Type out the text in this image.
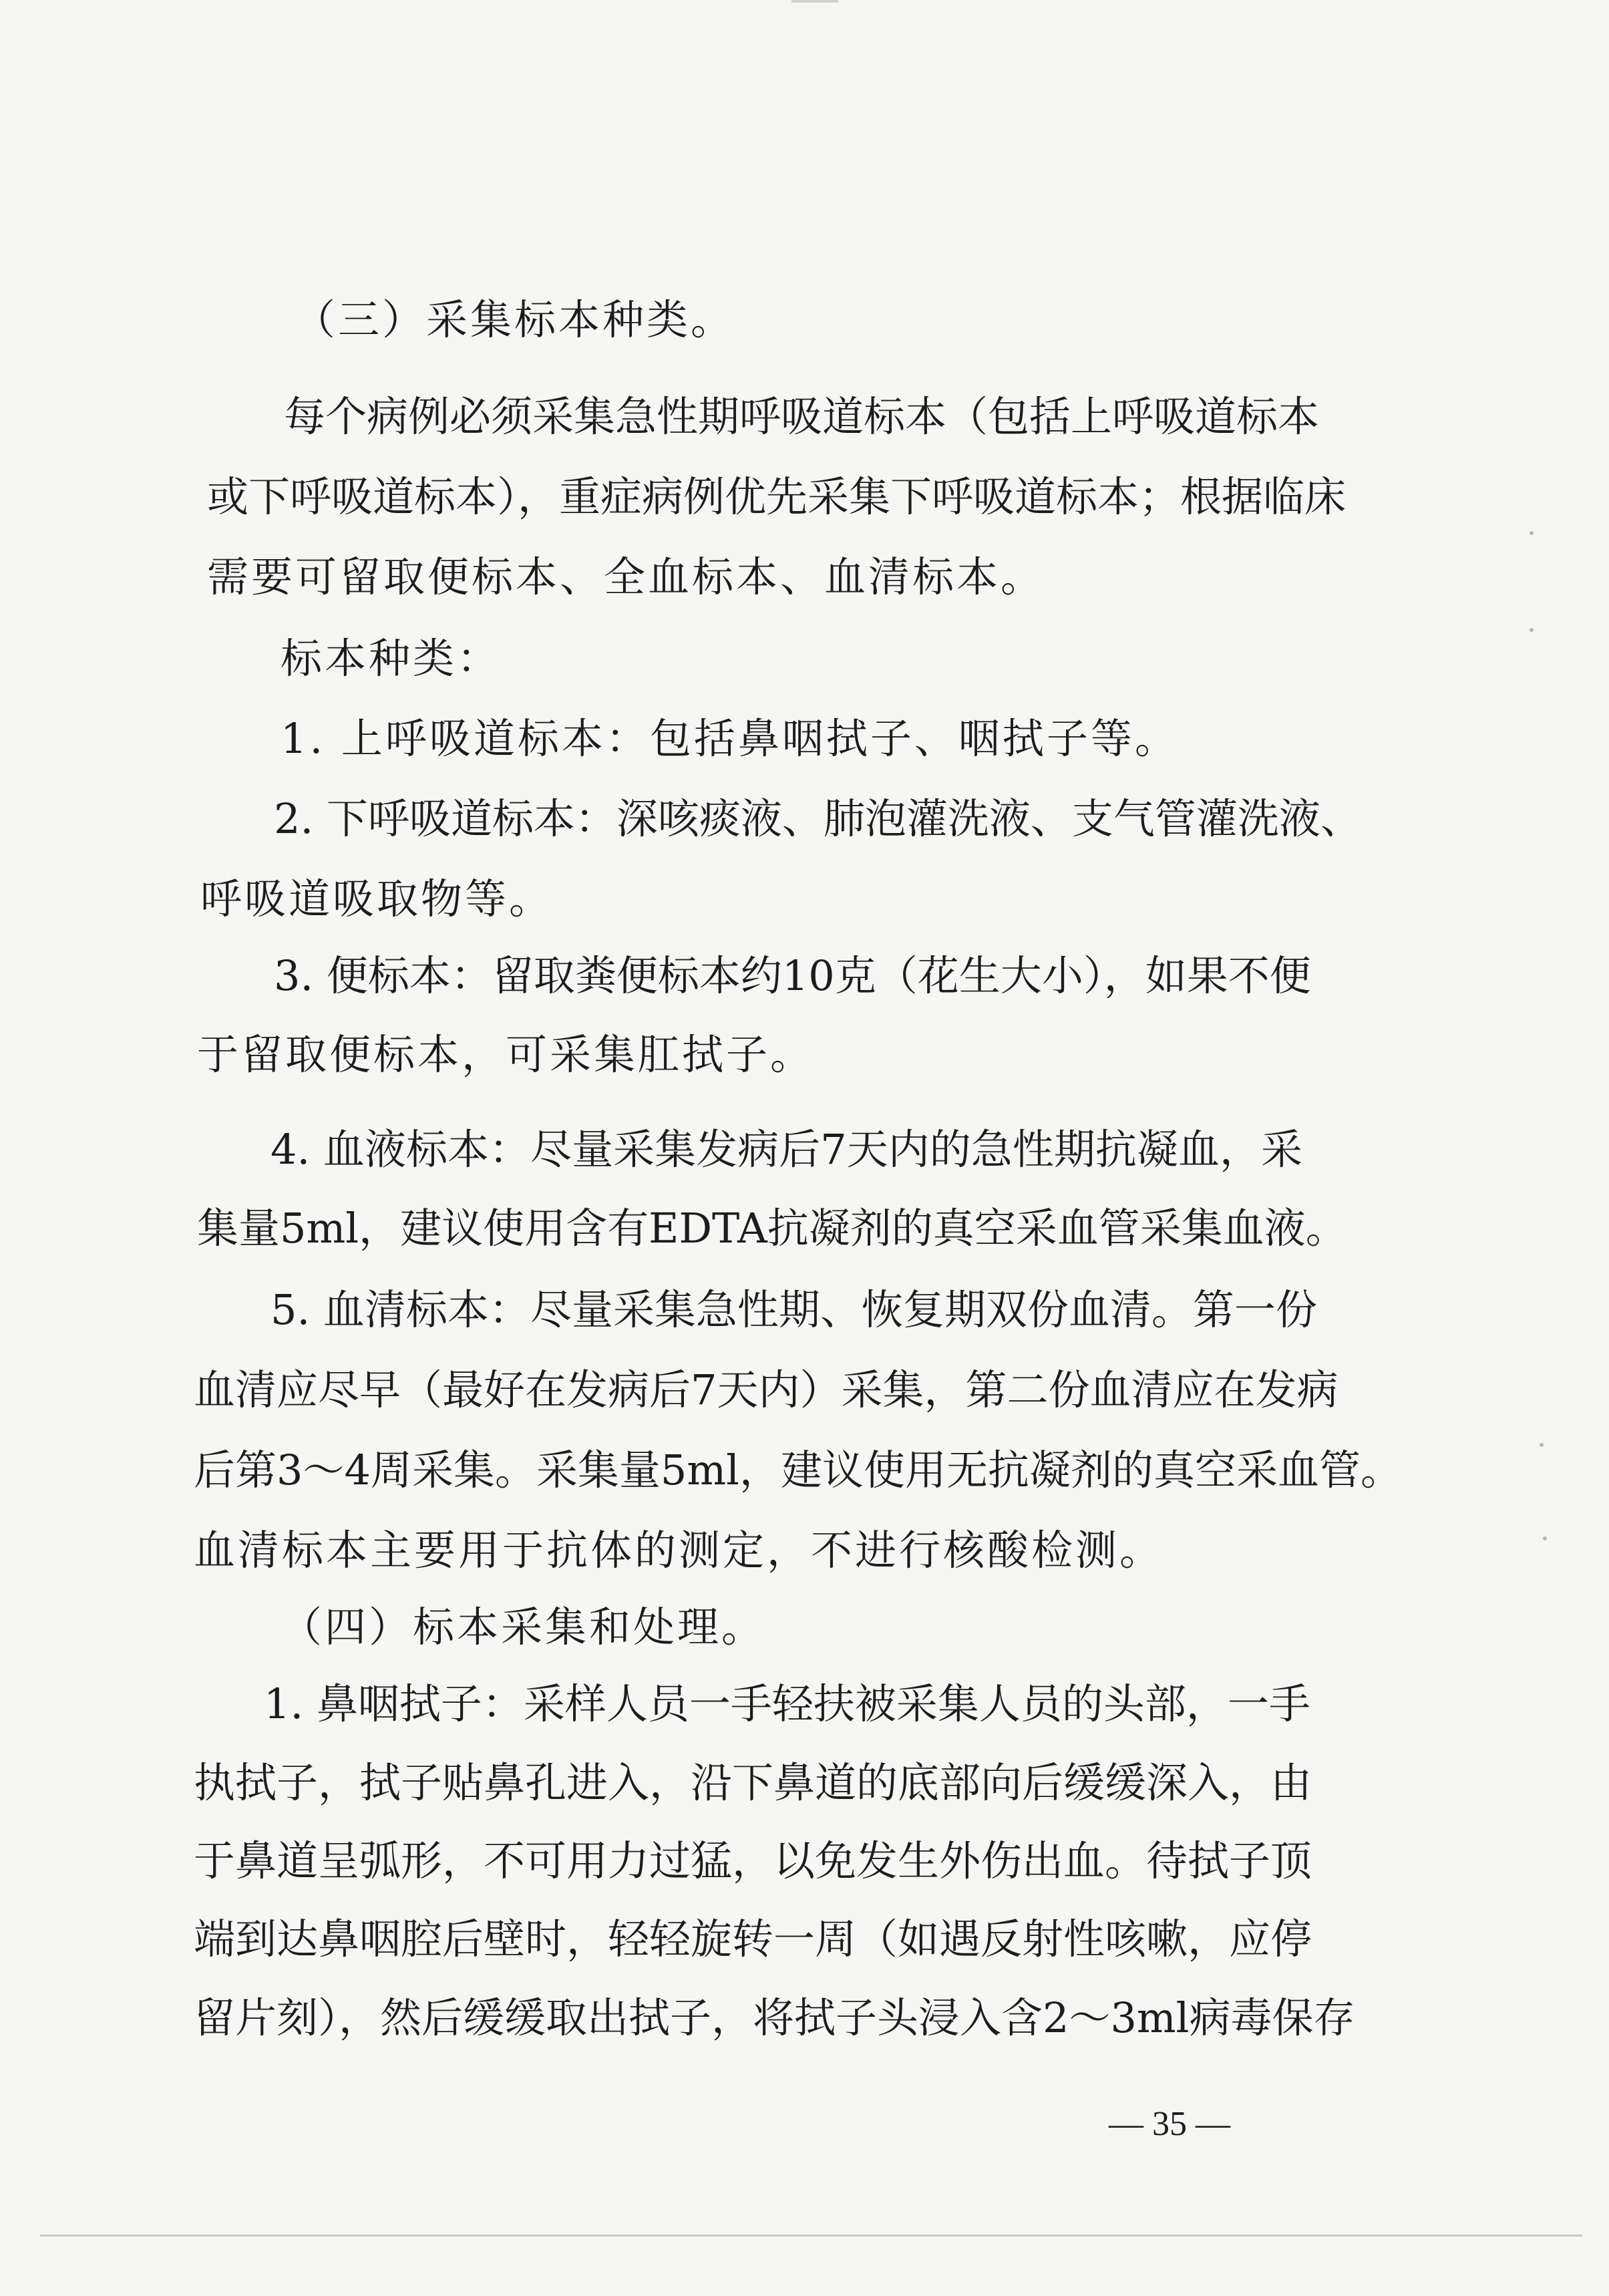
（三）采集标本种类。
每个病例必须采集急性期呼吸道标本（包括上呼吸道标本
或下呼吸道标本），重症病例优先采集下呼吸道标本；根据临床
需要可留取便标本、全血标本、血清标本。
标本种类：
1. 上呼吸道标本：包括鼻咽拭子、咽拭子等。
2. 下呼吸道标本：深咳痰液、肺泡灌洗液、支气管灌洗液、
呼吸道吸取物等。
3. 便标本：留取粪便标本约10克（花生大小），如果不便
于留取便标本，可采集肛拭子。
4. 血液标本：尽量采集发病后7天内的急性期抗凝血，采
集量5ml，建议使用含有EDTA抗凝剂的真空采血管采集血液。
5. 血清标本：尽量采集急性期、恢复期双份血清。第一份
血清应尽早（最好在发病后7天内）采集，第二份血清应在发病
后第3～4周采集。采集量5ml，建议使用无抗凝剂的真空采血管。
血清标本主要用于抗体的测定，不进行核酸检测。
（四）标本采集和处理。
1. 鼻咽拭子：采样人员一手轻扶被采集人员的头部，一手
执拭子，拭子贴鼻孔进入，沿下鼻道的底部向后缓缓深入，由
于鼻道呈弧形，不可用力过猛，以免发生外伤出血。待拭子顶
端到达鼻咽腔后壁时，轻轻旋转一周（如遇反射性咳嗽，应停
留片刻），然后缓缓取出拭子，将拭子头浸入含2～3ml病毒保存
— 35 —
